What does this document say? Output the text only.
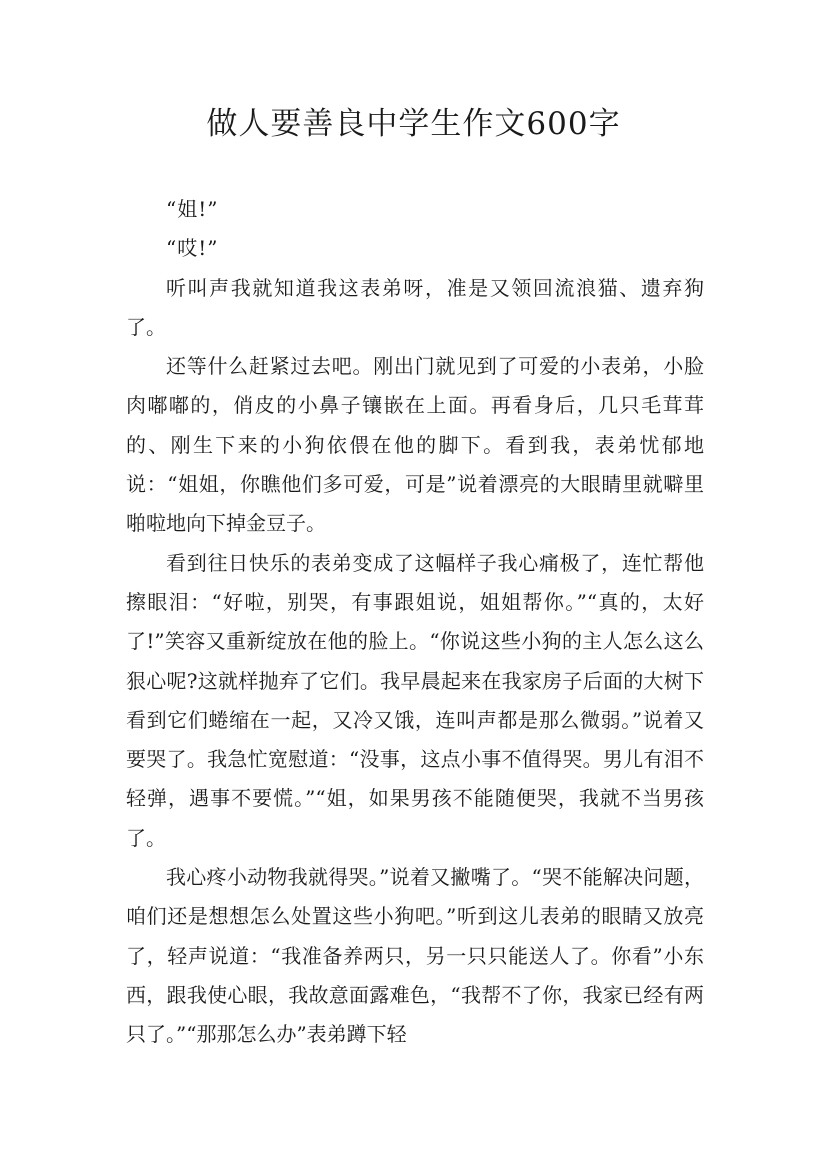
做人要善良中学生作文600字

“姐!”

“哎!”

听叫声我就知道我这表弟呀，准是又领回流浪猫、遗弃狗了。

还等什么赶紧过去吧。刚出门就见到了可爱的小表弟，小脸肉嘟嘟的，俏皮的小鼻子镶嵌在上面。再看身后，几只毛茸茸的、刚生下来的小狗依偎在他的脚下。看到我，表弟忧郁地说：“姐姐，你瞧他们多可爱，可是”说着漂亮的大眼睛里就噼里啪啦地向下掉金豆子。

看到往日快乐的表弟变成了这幅样子我心痛极了，连忙帮他擦眼泪：“好啦，别哭，有事跟姐说，姐姐帮你。”“真的，太好了!”笑容又重新绽放在他的脸上。“你说这些小狗的主人怎么这么狠心呢?这就样抛弃了它们。我早晨起来在我家房子后面的大树下看到它们蜷缩在一起，又冷又饿，连叫声都是那么微弱。”说着又要哭了。我急忙宽慰道：“没事，这点小事不值得哭。男儿有泪不轻弹，遇事不要慌。”“姐，如果男孩不能随便哭，我就不当男孩了。

我心疼小动物我就得哭。”说着又撇嘴了。“哭不能解决问题，咱们还是想想怎么处置这些小狗吧。”听到这儿表弟的眼睛又放亮了，轻声说道：“我准备养两只，另一只只能送人了。你看”小东西，跟我使心眼，我故意面露难色，“我帮不了你，我家已经有两只了。”“那那怎么办”表弟蹲下轻
